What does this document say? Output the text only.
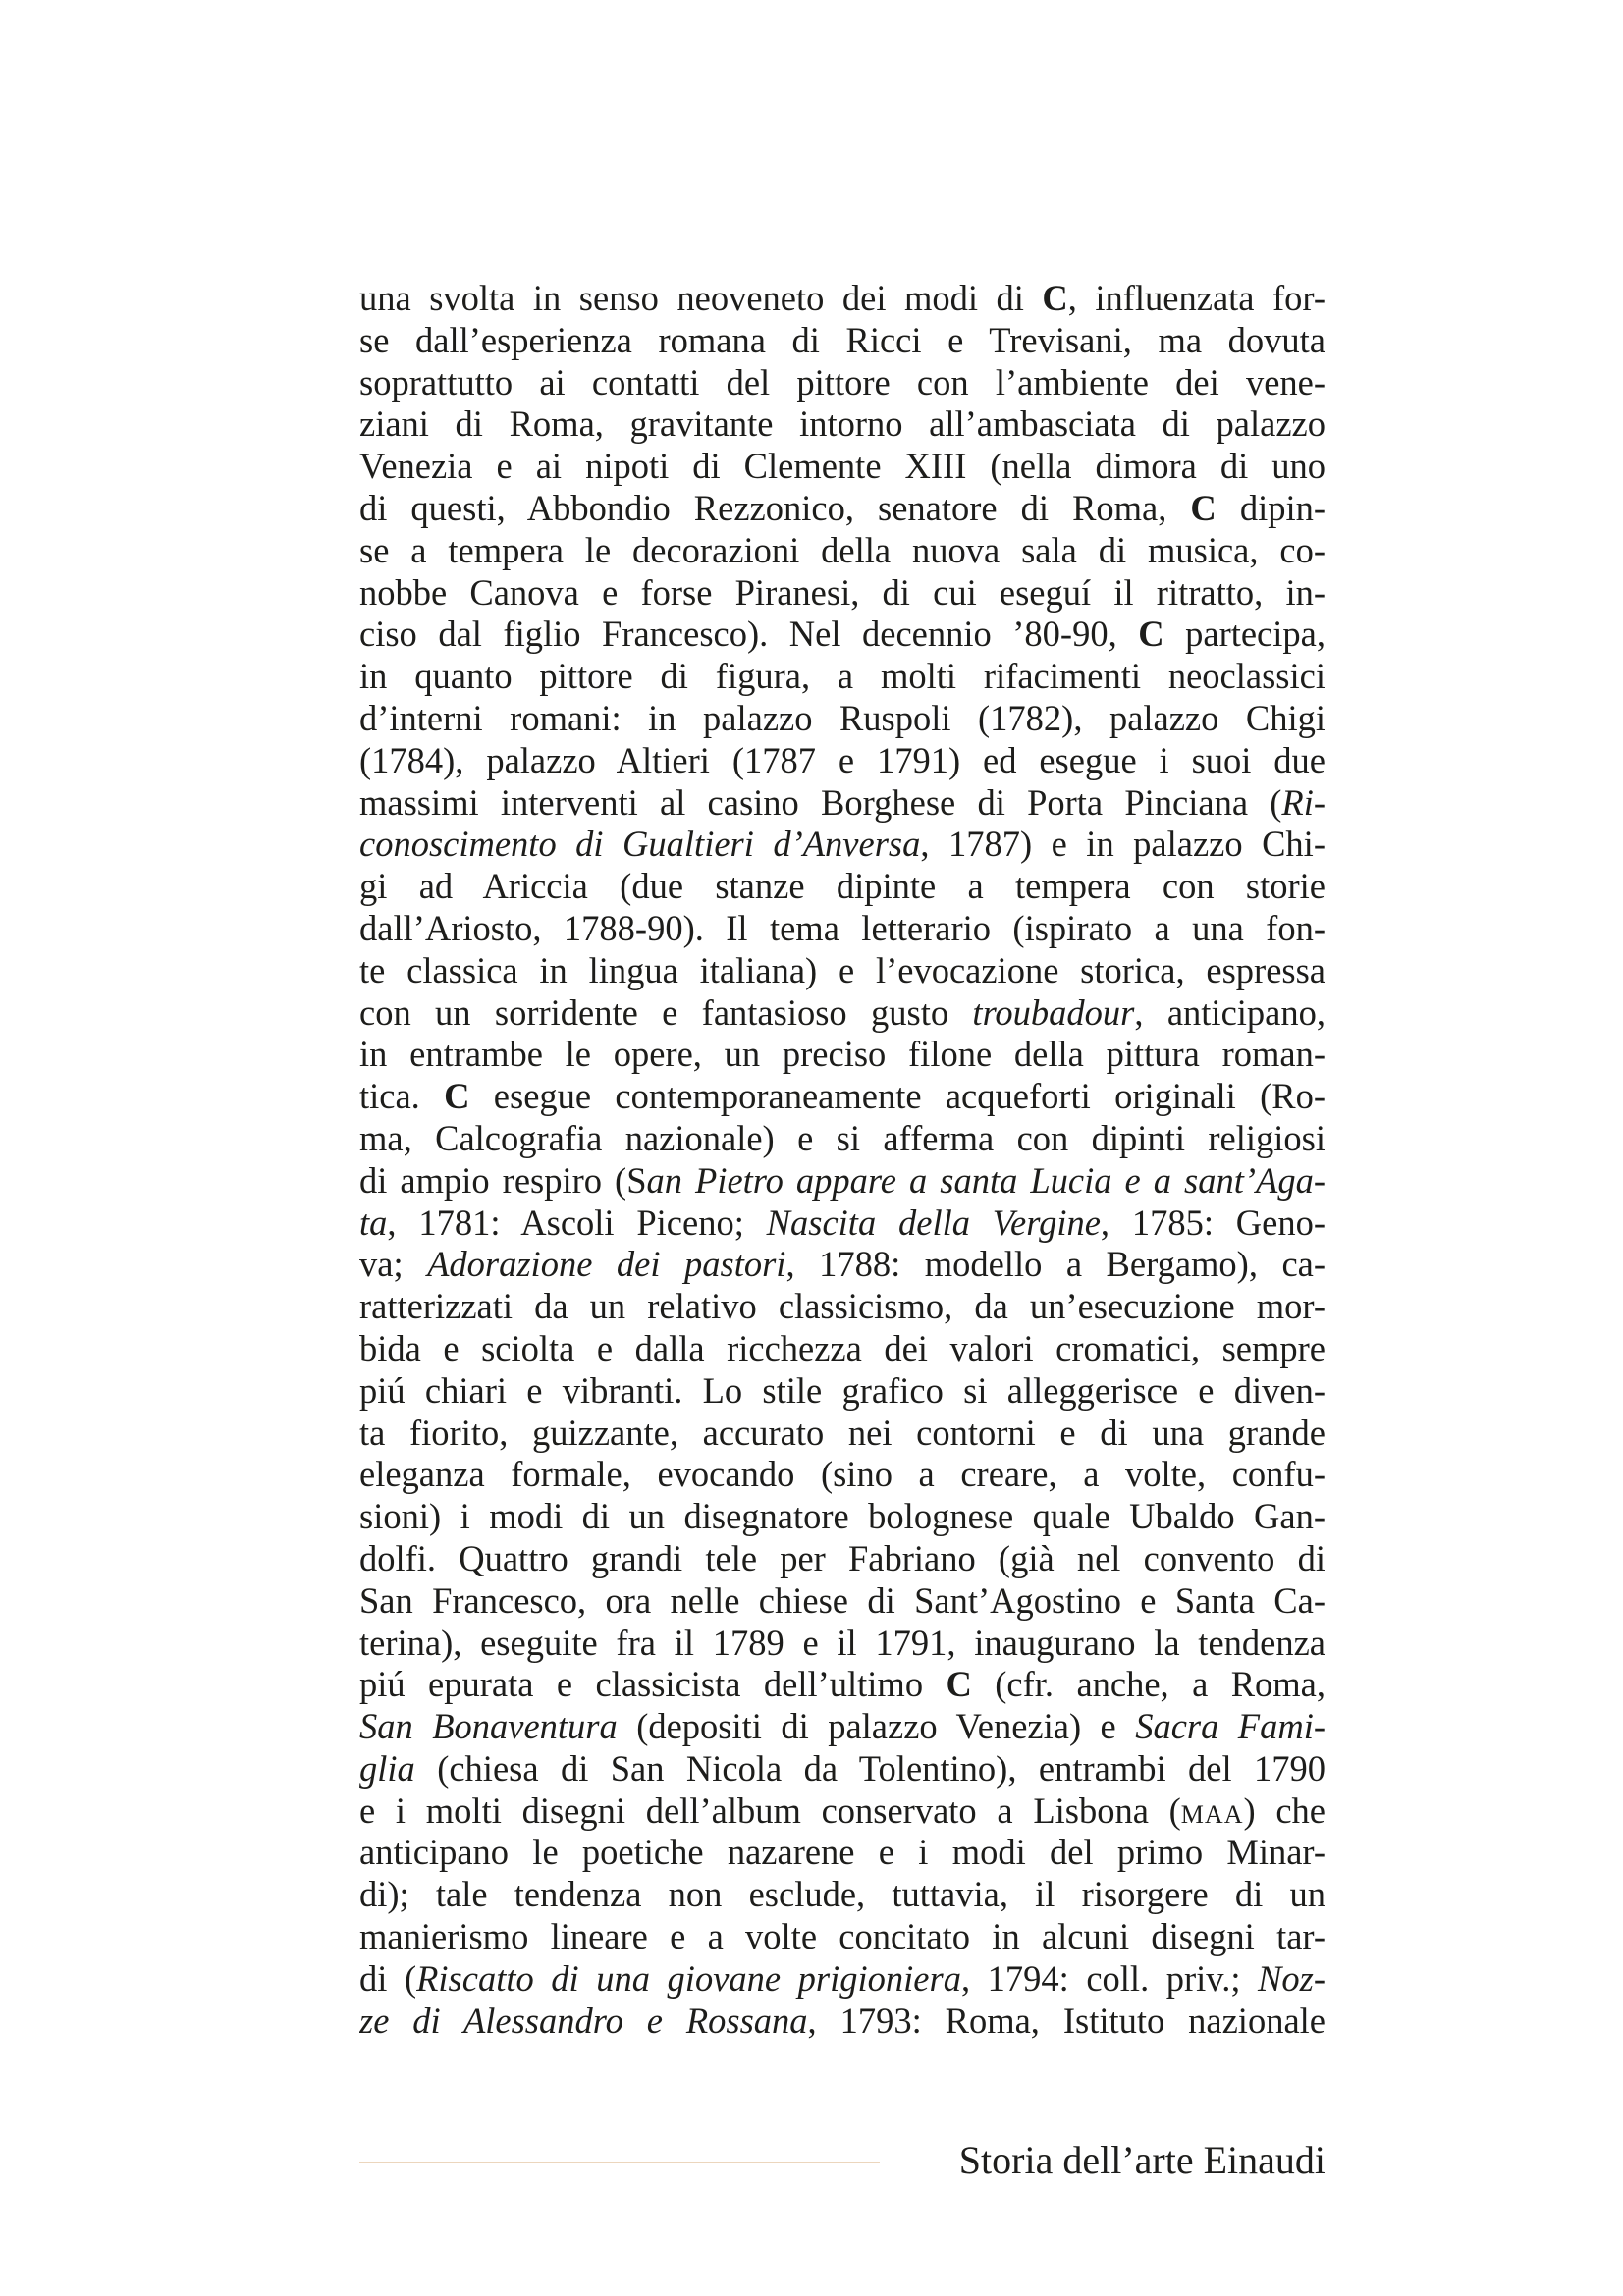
una svolta in senso neoveneto dei modi di C, influenzata for-
se dall’esperienza romana di Ricci e Trevisani, ma dovuta
soprattutto ai contatti del pittore con l’ambiente dei vene-
ziani di Roma, gravitante intorno all’ambasciata di palazzo
Venezia e ai nipoti di Clemente XIII (nella dimora di uno
di questi, Abbondio Rezzonico, senatore di Roma, C dipin-
se a tempera le decorazioni della nuova sala di musica, co-
nobbe Canova e forse Piranesi, di cui eseguí il ritratto, in-
ciso dal figlio Francesco). Nel decennio ’80-90, C partecipa,
in quanto pittore di figura, a molti rifacimenti neoclassici
d’interni romani: in palazzo Ruspoli (1782), palazzo Chigi
(1784), palazzo Altieri (1787 e 1791) ed esegue i suoi due
massimi interventi al casino Borghese di Porta Pinciana (Ri-
conoscimento di Gualtieri d’Anversa, 1787) e in palazzo Chi-
gi ad Ariccia (due stanze dipinte a tempera con storie
dall’Ariosto, 1788-90). Il tema letterario (ispirato a una fon-
te classica in lingua italiana) e l’evocazione storica, espressa
con un sorridente e fantasioso gusto troubadour, anticipano,
in entrambe le opere, un preciso filone della pittura roman-
tica. C esegue contemporaneamente acqueforti originali (Ro-
ma, Calcografia nazionale) e si afferma con dipinti religiosi
di ampio respiro (San Pietro appare a santa Lucia e a sant’Aga-
ta, 1781: Ascoli Piceno; Nascita della Vergine, 1785: Geno-
va; Adorazione dei pastori, 1788: modello a Bergamo), ca-
ratterizzati da un relativo classicismo, da un’esecuzione mor-
bida e sciolta e dalla ricchezza dei valori cromatici, sempre
piú chiari e vibranti. Lo stile grafico si alleggerisce e diven-
ta fiorito, guizzante, accurato nei contorni e di una grande
eleganza formale, evocando (sino a creare, a volte, confu-
sioni) i modi di un disegnatore bolognese quale Ubaldo Gan-
dolfi. Quattro grandi tele per Fabriano (già nel convento di
San Francesco, ora nelle chiese di Sant’Agostino e Santa Ca-
terina), eseguite fra il 1789 e il 1791, inaugurano la tendenza
piú epurata e classicista dell’ultimo C (cfr. anche, a Roma,
San Bonaventura (depositi di palazzo Venezia) e Sacra Fami-
glia (chiesa di San Nicola da Tolentino), entrambi del 1790
e i molti disegni dell’album conservato a Lisbona (maa) che
anticipano le poetiche nazarene e i modi del primo Minar-
di); tale tendenza non esclude, tuttavia, il risorgere di un
manierismo lineare e a volte concitato in alcuni disegni tar-
di (Riscatto di una giovane prigioniera, 1794: coll. priv.; Noz-
ze di Alessandro e Rossana, 1793: Roma, Istituto nazionale
Storia dell’arte Einaudi
